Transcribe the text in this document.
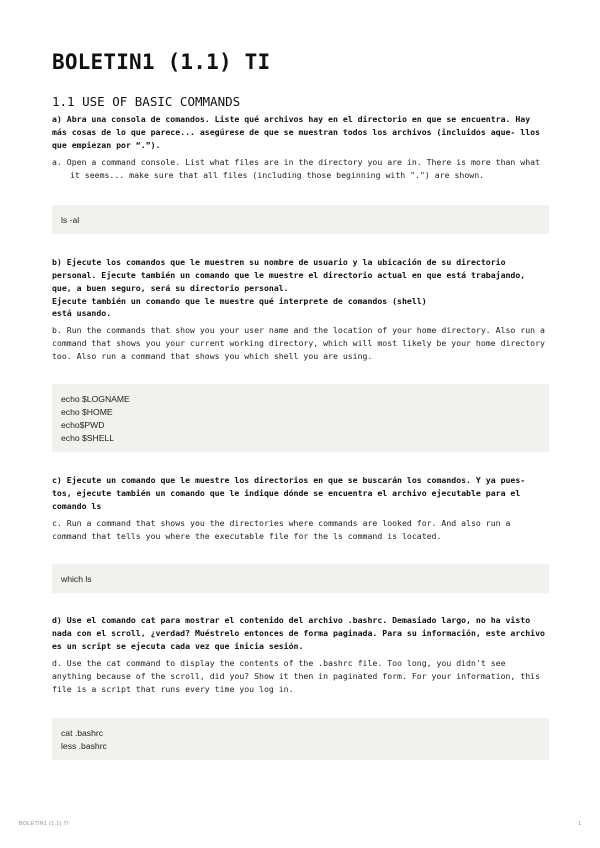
BOLETIN1 (1.1) TI
1.1 USE OF BASIC COMMANDS

a) Abra una consola de comandos. Liste qué archivos hay en el directorio en que se encuentra. Hay más cosas de lo que parece... asegúrese de que se muestran todos los archivos (incluidos aque- llos que empiezan por “.”).

a. Open a command console. List what files are in the directory you are in. There is more than what it seems... make sure that all files (including those beginning with ".") are shown.

ls -al

b) Ejecute los comandos que le muestren su nombre de usuario y la ubicación de su directorio personal. Ejecute también un comando que le muestre el directorio actual en que está trabajando, que, a buen seguro, será su directorio personal.

Ejecute también un comando que le muestre qué interprete de comandos (shell)

está usando.

b. Run the commands that show you your user name and the location of your home directory. Also run a command that shows you your current working directory, which will most likely be your home directory too. Also run a command that shows you which shell you are using.

echo $LOGNAME
echo $HOME
echo$PWD
echo $SHELL

c) Ejecute un comando que le muestre los directorios en que se buscarán los comandos. Y ya pues- tos, ejecute también un comando que le indique dónde se encuentra el archivo ejecutable para el comando ls

c. Run a command that shows you the directories where commands are looked for. And also run a command that tells you where the executable file for the ls command is located.

which ls

d) Use el comando cat para mostrar el contenido del archivo .bashrc. Demasiado largo, no ha visto nada con el scroll, ¿verdad? Muéstrelo entonces de forma paginada. Para su información, este archivo es un script se ejecuta cada vez que inicia sesión.

d. Use the cat command to display the contents of the .bashrc file. Too long, you didn't see anything because of the scroll, did you? Show it then in paginated form. For your information, this file is a script that runs every time you log in.

cat .bashrc
less .bashrc
BOLETIN1 (1.1) TI	1
